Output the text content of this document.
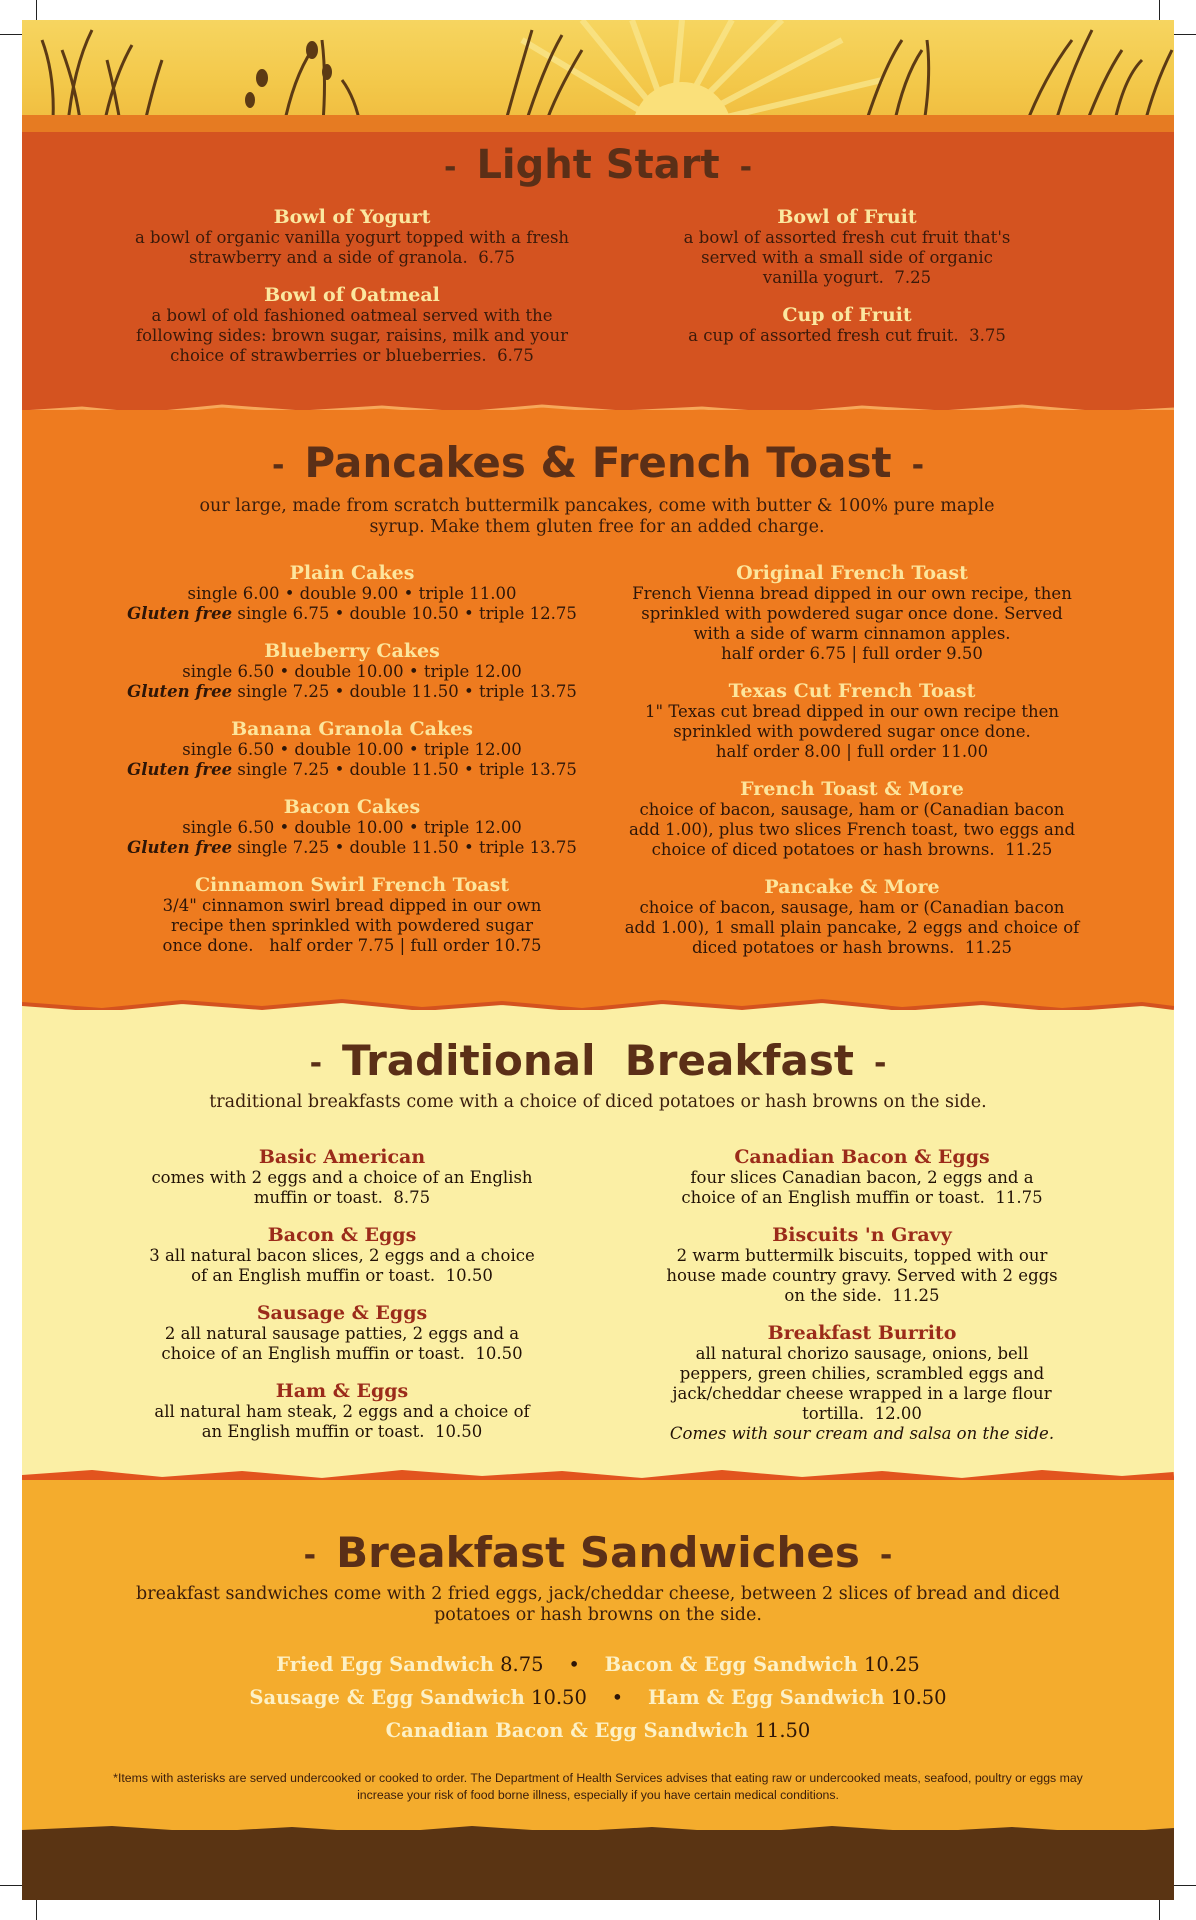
- Light Start -
Bowl of Yogurt
a bowl of organic vanilla yogurt topped with a fresh strawberry and a side of granola. 6.75
Bowl of Oatmeal
a bowl of old fashioned oatmeal served with the following sides: brown sugar, raisins, milk and your choice of strawberries or blueberries. 6.75
Bowl of Fruit
a bowl of assorted fresh cut fruit that's served with a small side of organic vanilla yogurt. 7.25
Cup of Fruit
a cup of assorted fresh cut fruit. 3.75
- Pancakes & French Toast -
our large, made from scratch buttermilk pancakes, come with butter & 100% pure maple syrup. Make them gluten free for an added charge.
Plain Cakes
single 6.00 • double 9.00 • triple 11.00
Gluten free single 6.75 • double 10.50 • triple 12.75
Blueberry Cakes
single 6.50 • double 10.00 • triple 12.00
Gluten free single 7.25 • double 11.50 • triple 13.75
Banana Granola Cakes
single 6.50 • double 10.00 • triple 12.00
Gluten free single 7.25 • double 11.50 • triple 13.75
Bacon Cakes
single 6.50 • double 10.00 • triple 12.00
Gluten free single 7.25 • double 11.50 • triple 13.75
Cinnamon Swirl French Toast
3/4" cinnamon swirl bread dipped in our own recipe then sprinkled with powdered sugar once done. half order 7.75 | full order 10.75
Original French Toast
French Vienna bread dipped in our own recipe, then sprinkled with powdered sugar once done. Served with a side of warm cinnamon apples.
half order 6.75 | full order 9.50
Texas Cut French Toast
1" Texas cut bread dipped in our own recipe then sprinkled with powdered sugar once done.
half order 8.00 | full order 11.00
French Toast & More
choice of bacon, sausage, ham or (Canadian bacon add 1.00), plus two slices French toast, two eggs and choice of diced potatoes or hash browns. 11.25
Pancake & More
choice of bacon, sausage, ham or (Canadian bacon add 1.00), 1 small plain pancake, 2 eggs and choice of diced potatoes or hash browns. 11.25
- Traditional  Breakfast -
traditional breakfasts come with a choice of diced potatoes or hash browns on the side.
Basic American
comes with 2 eggs and a choice of an English muffin or toast. 8.75
Bacon & Eggs
3 all natural bacon slices, 2 eggs and a choice of an English muffin or toast. 10.50
Sausage & Eggs
2 all natural sausage patties, 2 eggs and a choice of an English muffin or toast. 10.50
Ham & Eggs
all natural ham steak, 2 eggs and a choice of an English muffin or toast. 10.50
Canadian Bacon & Eggs
four slices Canadian bacon, 2 eggs and a choice of an English muffin or toast. 11.75
Biscuits 'n Gravy
2 warm buttermilk biscuits, topped with our house made country gravy. Served with 2 eggs on the side. 11.25
Breakfast Burrito
all natural chorizo sausage, onions, bell peppers, green chilies, scrambled eggs and jack/cheddar cheese wrapped in a large flour tortilla. 12.00
Comes with sour cream and salsa on the side.
- Breakfast Sandwiches -
breakfast sandwiches come with 2 fried eggs, jack/cheddar cheese, between 2 slices of bread and diced potatoes or hash browns on the side.
Fried Egg Sandwich 8.75 • Bacon & Egg Sandwich 10.25
Sausage & Egg Sandwich 10.50 • Ham & Egg Sandwich 10.50
Canadian Bacon & Egg Sandwich 11.50
*Items with asterisks are served undercooked or cooked to order. The Department of Health Services advises that eating raw or undercooked meats, seafood, poultry or eggs may increase your risk of food borne illness, especially if you have certain medical conditions.
